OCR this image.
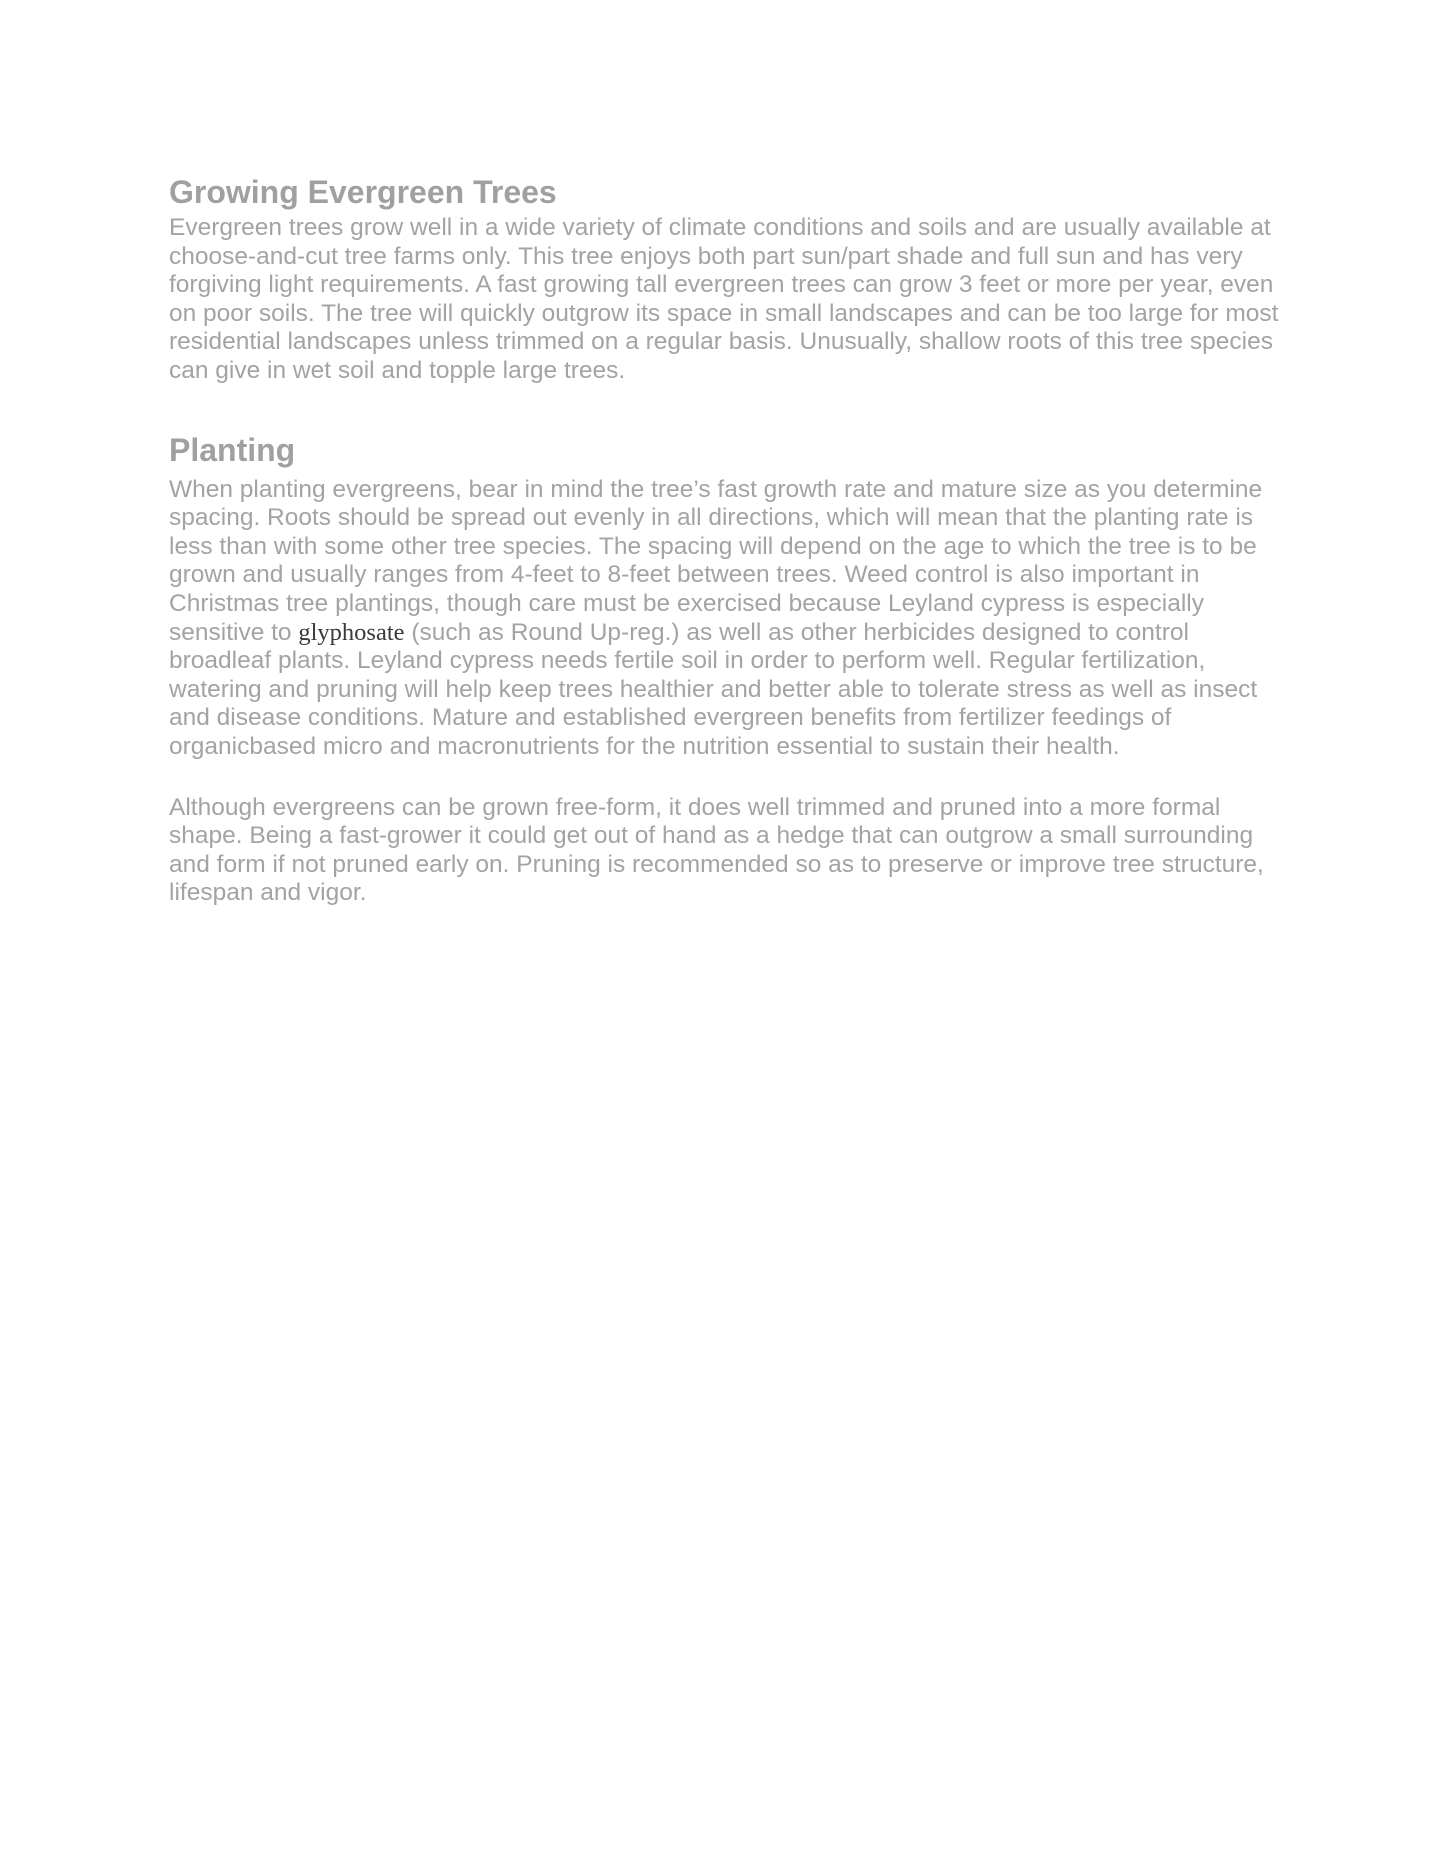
Growing Evergreen Trees

Evergreen trees grow well in a wide variety of climate conditions and soils and are usually available at choose-and-cut tree farms only. This tree enjoys both part sun/part shade and full sun and has very forgiving light requirements. A fast growing tall evergreen trees can grow 3 feet or more per year, even on poor soils. The tree will quickly outgrow its space in small landscapes and can be too large for most residential landscapes unless trimmed on a regular basis. Unusually, shallow roots of this tree species can give in wet soil and topple large trees.

Planting

When planting evergreens, bear in mind the tree’s fast growth rate and mature size as you determine spacing. Roots should be spread out evenly in all directions, which will mean that the planting rate is less than with some other tree species. The spacing will depend on the age to which the tree is to be grown and usually ranges from 4-feet to 8-feet between trees. Weed control is also important in Christmas tree plantings, though care must be exercised because Leyland cypress is especially sensitive to glyphosate (such as Round Up-reg.) as well as other herbicides designed to control broadleaf plants. Leyland cypress needs fertile soil in order to perform well. Regular fertilization, watering and pruning will help keep trees healthier and better able to tolerate stress as well as insect and disease conditions. Mature and established evergreen benefits from fertilizer feedings of organicbased micro and macronutrients for the nutrition essential to sustain their health.

Although evergreens can be grown free-form, it does well trimmed and pruned into a more formal shape. Being a fast-grower it could get out of hand as a hedge that can outgrow a small surrounding and form if not pruned early on. Pruning is recommended so as to preserve or improve tree structure, lifespan and vigor.
